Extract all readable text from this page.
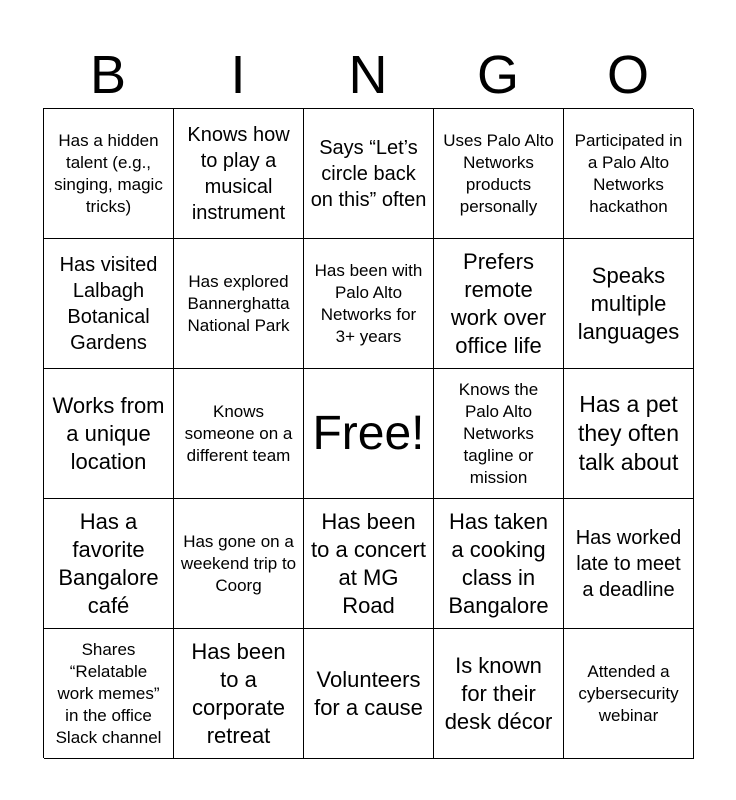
B	I	N	G	O
Has a hidden talent (e.g., singing, magic tricks)
Knows how to play a musical instrument
Says “Let’s circle back on this” often
Uses Palo Alto Networks products personally
Participated in a Palo Alto Networks hackathon
Has visited Lalbagh Botanical Gardens
Has explored Bannerghatta National Park
Has been with Palo Alto Networks for 3+ years
Prefers remote work over office life
Speaks multiple languages
Works from a unique location
Knows someone on a different team Free!
Knows the Palo Alto Networks tagline or mission
Has a pet they often talk about
Has a favorite Bangalore café
Has gone on a weekend trip to Coorg
Has been to a concert at MG Road
Has taken a cooking class in Bangalore
Has worked late to meet a deadline
Shares “Relatable work memes” in the office Slack channel
Has been to a corporate retreat
Volunteers for a cause
Is known for their desk décor
Attended a cybersecurity webinar
